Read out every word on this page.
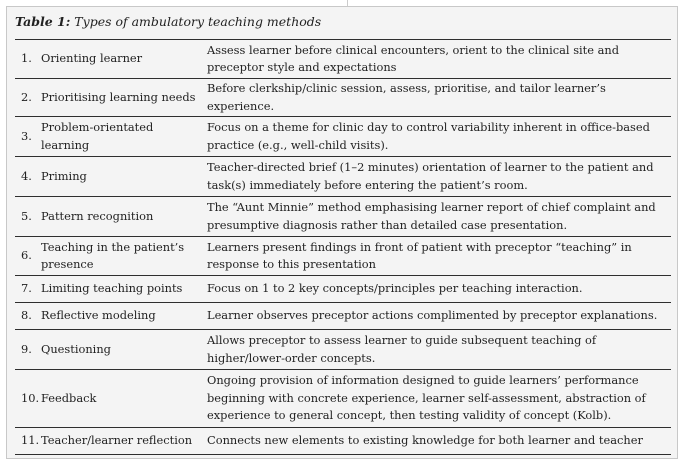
Table 1: Types of ambulatory teaching methods
1.	Orienting learner	Assess learner before clinical encounters, orient to the clinical site and preceptor style and expectations
2.	Prioritising learning needs	Before clerkship/clinic session, assess, prioritise, and tailor learner’s experience.
3.	Problem-orientated learning	Focus on a theme for clinic day to control variability inherent in office-based practice (e.g., well-child visits).
4.	Priming	Teacher-directed brief (1–2 minutes) orientation of learner to the patient and task(s) immediately before entering the patient’s room.
5.	Pattern recognition	The “Aunt Minnie” method emphasising learner report of chief complaint and presumptive diagnosis rather than detailed case presentation.
6.	Teaching in the patient’s presence	Learners present findings in front of patient with preceptor “teaching” in response to this presentation
7.	Limiting teaching points	Focus on 1 to 2 key concepts/principles per teaching interaction.
8.	Reflective modeling	Learner observes preceptor actions complimented by preceptor explanations.
9.	Questioning	Allows preceptor to assess learner to guide subsequent teaching of higher/lower-order concepts.
10.	Feedback	Ongoing provision of information designed to guide learners’ performance beginning with concrete experience, learner self-assessment, abstraction of experience to general concept, then testing validity of concept (Kolb).
11.	Teacher/learner reflection	Connects new elements to existing knowledge for both learner and teacher
